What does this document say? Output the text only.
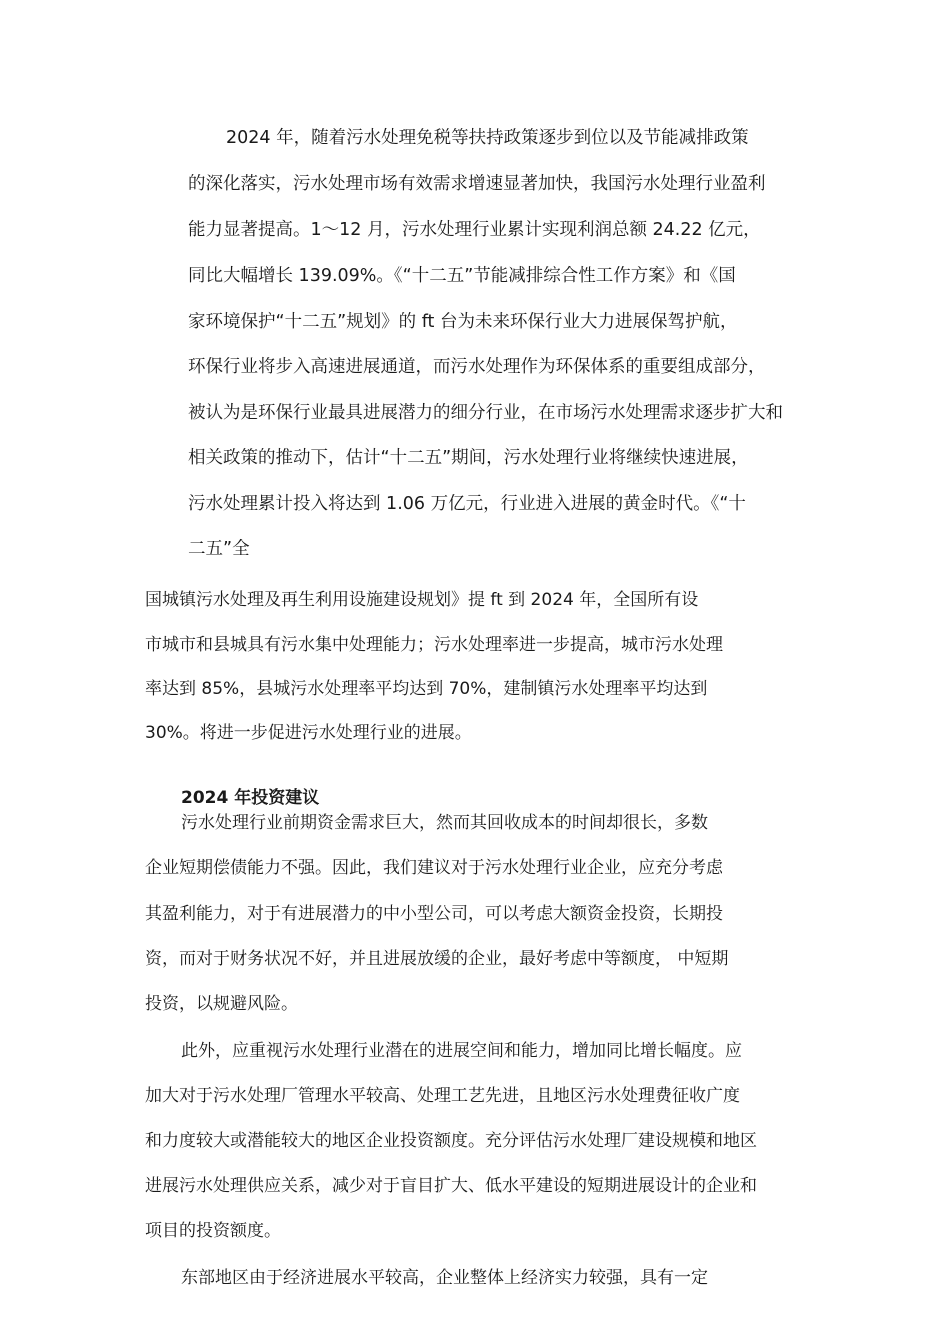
2024 年，随着污水处理免税等扶持政策逐步到位以及节能减排政策
的深化落实，污水处理市场有效需求增速显著加快，我国污水处理行业盈利
能力显著提高。1～12 月，污水处理行业累计实现利润总额 24.22 亿元，
同比大幅增长 139.09%。《“十二五”节能减排综合性工作方案》和《国
家环境保护“十二五”规划》的 ft 台为未来环保行业大力进展保驾护航，
环保行业将步入高速进展通道，而污水处理作为环保体系的重要组成部分，
被认为是环保行业最具进展潜力的细分行业，在市场污水处理需求逐步扩大和
相关政策的推动下，估计“十二五”期间，污水处理行业将继续快速进展，
污水处理累计投入将达到 1.06 万亿元，行业进入进展的黄金时代。《“十
二五”全
国城镇污水处理及再生利用设施建设规划》提 ft 到 2024 年，全国所有设
市城市和县城具有污水集中处理能力；污水处理率进一步提高，城市污水处理
率达到 85%，县城污水处理率平均达到 70%，建制镇污水处理率平均达到
30%。将进一步促进污水处理行业的进展。
2024 年投资建议
污水处理行业前期资金需求巨大，然而其回收成本的时间却很长，多数
企业短期偿债能力不强。因此，我们建议对于污水处理行业企业，应充分考虑
其盈利能力，对于有进展潜力的中小型公司，可以考虑大额资金投资，长期投
资，而对于财务状况不好，并且进展放缓的企业，最好考虑中等额度， 中短期
投资，以规避风险。
此外，应重视污水处理行业潜在的进展空间和能力，增加同比增长幅度。应
加大对于污水处理厂管理水平较高、处理工艺先进，且地区污水处理费征收广度
和力度较大或潜能较大的地区企业投资额度。充分评估污水处理厂建设规模和地区
进展污水处理供应关系，减少对于盲目扩大、低水平建设的短期进展设计的企业和
项目的投资额度。
东部地区由于经济进展水平较高，企业整体上经济实力较强，具有一定
